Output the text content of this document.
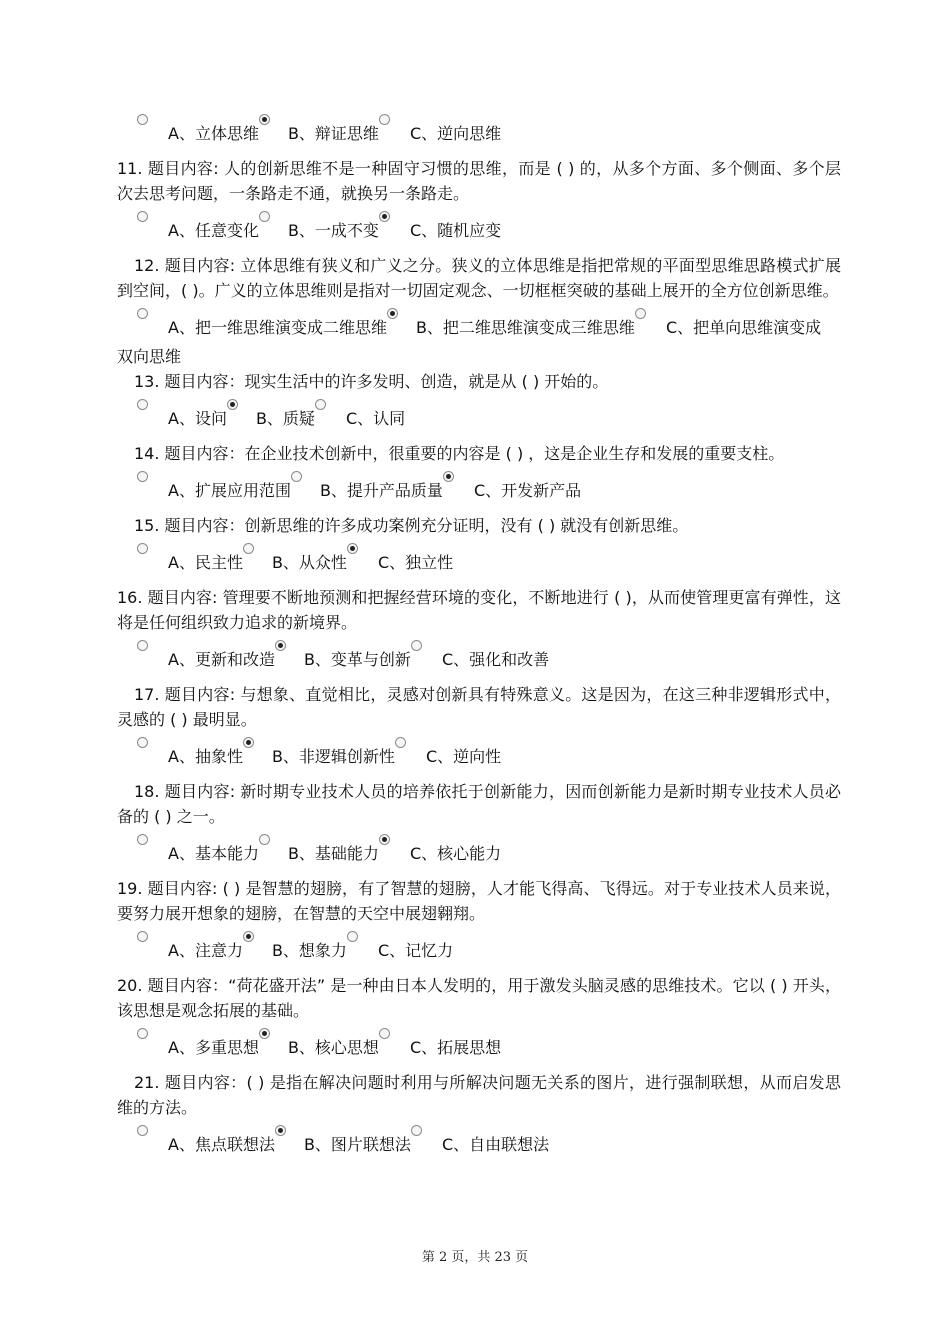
A、立体思维	B、辩证思维	C、逆向思维

11. 题目内容: 人的创新思维不是一种固守习惯的思维，而是 ( ) 的，从多个方面、多个侧面、多个层次去思考问题，一条路走不通，就换另一条路走。

A、任意变化	B、一成不变	C、随机应变

12. 题目内容: 立体思维有狭义和广义之分。狭义的立体思维是指把常规的平面型思维思路模式扩展到空间，( )。广义的立体思维则是指对一切固定观念、一切框框突破的基础上展开的全方位创新思维。

A、把一维思维演变成二维思维	B、把二维思维演变成三维思维	C、把单向思维演变成

双向思维

13. 题目内容：现实生活中的许多发明、创造，就是从 ( ) 开始的。

A、设问	B、质疑	C、认同

14. 题目内容：在企业技术创新中，很重要的内容是 ( ) ，这是企业生存和发展的重要支柱。

A、扩展应用范围	B、提升产品质量	C、开发新产品

15. 题目内容：创新思维的许多成功案例充分证明，没有 ( ) 就没有创新思维。

A、民主性	B、从众性	C、独立性

16. 题目内容: 管理要不断地预测和把握经营环境的变化，不断地进行 ( )，从而使管理更富有弹性，这将是任何组织致力追求的新境界。

A、更新和改造	B、变革与创新	C、强化和改善

17. 题目内容: 与想象、直觉相比，灵感对创新具有特殊意义。这是因为，在这三种非逻辑形式中，灵感的 ( ) 最明显。

A、抽象性	B、非逻辑创新性	C、逆向性

18. 题目内容: 新时期专业技术人员的培养依托于创新能力，因而创新能力是新时期专业技术人员必备的 ( ) 之一。

A、基本能力	B、基础能力	C、核心能力

19. 题目内容: ( ) 是智慧的翅膀，有了智慧的翅膀，人才能飞得高、飞得远。对于专业技术人员来说，要努力展开想象的翅膀，在智慧的天空中展翅翱翔。

A、注意力	B、想象力	C、记忆力

20. 题目内容：“荷花盛开法” 是一种由日本人发明的，用于激发头脑灵感的思维技术。它以 ( ) 开头，该思想是观念拓展的基础。

A、多重思想	B、核心思想	C、拓展思想

21. 题目内容：( ) 是指在解决问题时利用与所解决问题无关系的图片，进行强制联想，从而启发思维的方法。

A、焦点联想法	B、图片联想法	C、自由联想法
第 2 页，共 23 页
